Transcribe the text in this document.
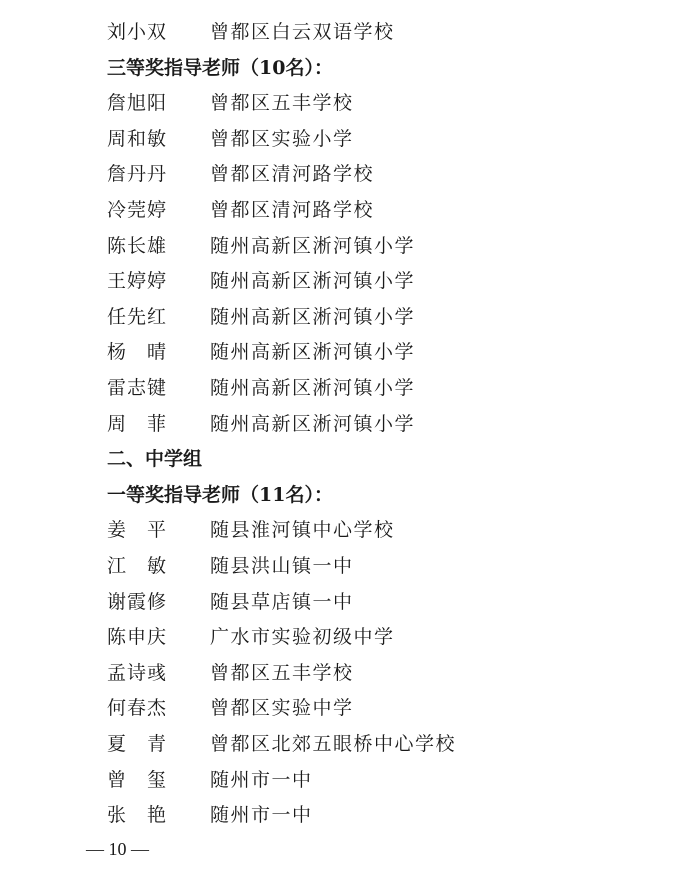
— 10 —
刘小双 曾都区白云双语学校
三等奖指导老师（10名）：
詹旭阳 曾都区五丰学校
周和敏 曾都区实验小学
詹丹丹 曾都区清河路学校
冷莞婷 曾都区清河路学校
陈长雄 随州高新区淅河镇小学
王婷婷 随州高新区淅河镇小学
任先红 随州高新区淅河镇小学
杨　晴 随州高新区淅河镇小学
雷志键 随州高新区淅河镇小学
周　菲 随州高新区淅河镇小学
二、中学组
一等奖指导老师（11名）：
姜　平 随县淮河镇中心学校
江　敏 随县洪山镇一中
谢霞修 随县草店镇一中
陈申庆 广水市实验初级中学
孟诗彧 曾都区五丰学校
何春杰 曾都区实验中学
夏　青 曾都区北郊五眼桥中心学校
曾　玺 随州市一中
张　艳 随州市一中
